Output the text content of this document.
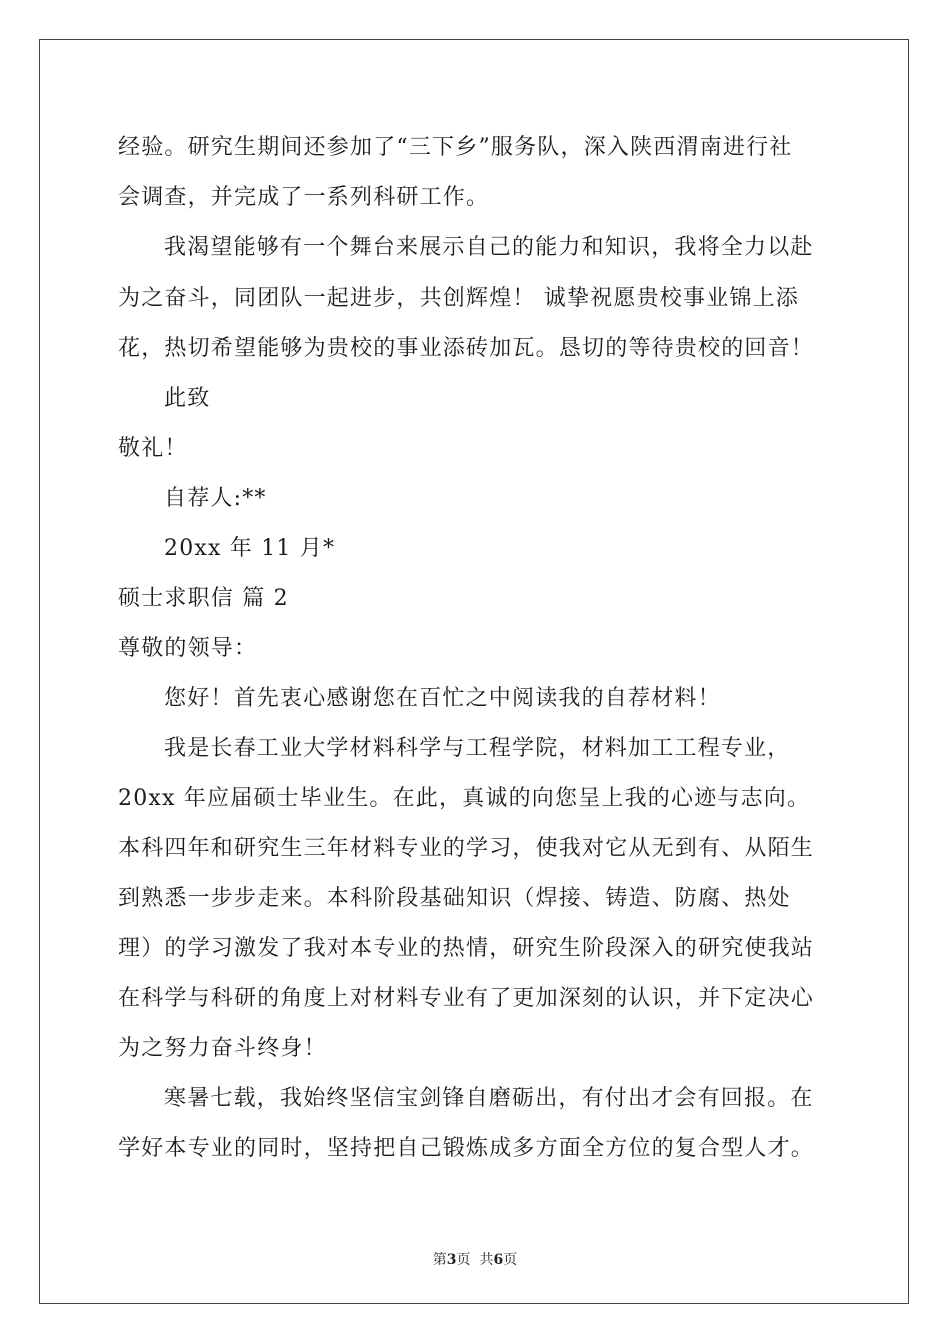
经验。研究生期间还参加了“三下乡”服务队，深入陕西渭南进行社

会调查，并完成了一系列科研工作。

我渴望能够有一个舞台来展示自己的能力和知识，我将全力以赴

为之奋斗，同团队一起进步，共创辉煌！ 诚挚祝愿贵校事业锦上添

花，热切希望能够为贵校的事业添砖加瓦。恳切的等待贵校的回音！

此致

敬礼！

自荐人:**

20xx 年 11 月*

硕士求职信 篇 2

尊敬的领导：

您好！首先衷心感谢您在百忙之中阅读我的自荐材料！

我是长春工业大学材料科学与工程学院，材料加工工程专业，

20xx 年应届硕士毕业生。在此，真诚的向您呈上我的心迹与志向。

本科四年和研究生三年材料专业的学习，使我对它从无到有、从陌生

到熟悉一步步走来。本科阶段基础知识（焊接、铸造、防腐、热处

理）的学习激发了我对本专业的热情，研究生阶段深入的研究使我站

在科学与科研的角度上对材料专业有了更加深刻的认识，并下定决心

为之努力奋斗终身！

寒暑七载，我始终坚信宝剑锋自磨砺出，有付出才会有回报。在

学好本专业的同时，坚持把自己锻炼成多方面全方位的复合型人才。

第3页  共6页
